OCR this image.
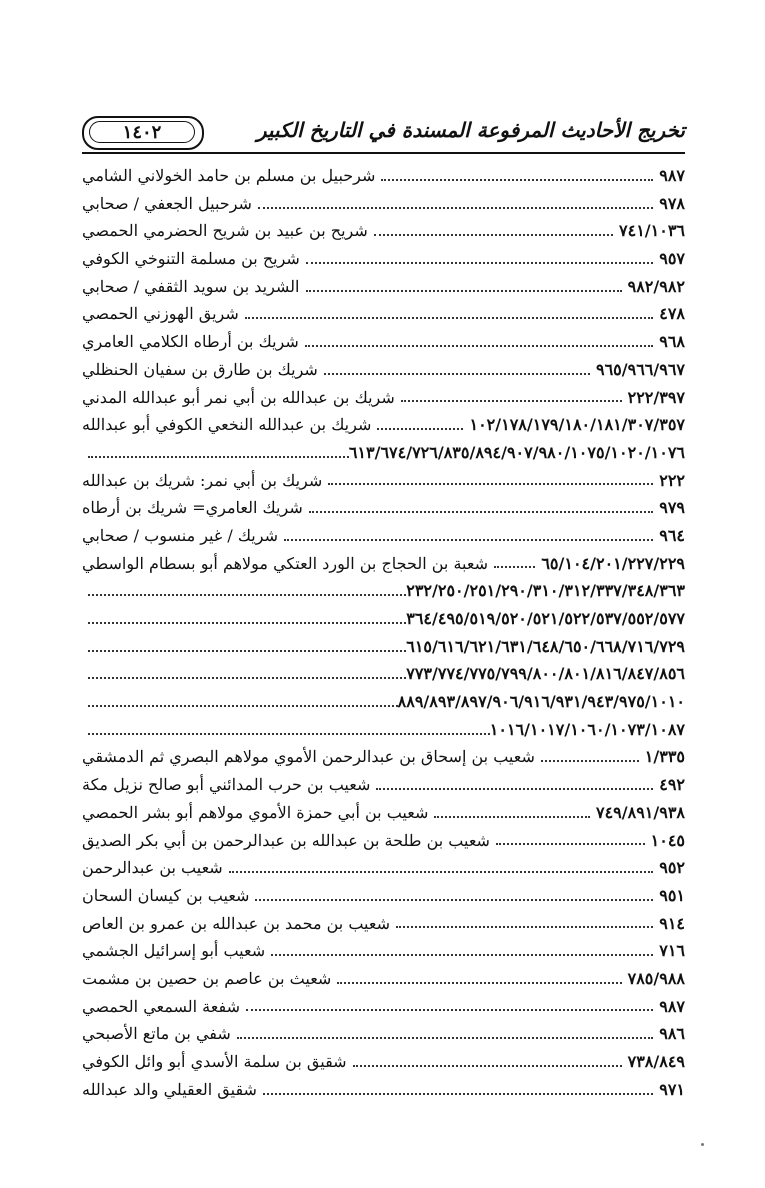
١٤٠٢	تخريج الأحاديث المرفوعة المسندة في التاريخ الكبير
شرحبيل بن مسلم بن حامد الخولاني الشامي	٩٨٧
شرحبيل الجعفي / صحابي	٩٧٨
شريح بن عبيد بن شريح الحضرمي الحمصي	٧٤١/١٠٣٦
شريح بن مسلمة التنوخي الكوفي	٩٥٧
الشريد بن سويد الثقفي / صحابي	٩٨٢/٩٨٢
شريق الهوزني الحمصي	٤٧٨
شريك بن أرطاه الكلامي العامري	٩٦٨
شريك بن طارق بن سفيان الحنظلي	٩٦٥/٩٦٦/٩٦٧
شريك بن عبدالله بن أبي نمر أبو عبدالله المدني	٢٢٢/٣٩٧
شريك بن عبدالله النخعي الكوفي أبو عبدالله	١٠٢/١٧٨/١٧٩/١٨٠/١٨١/٣٠٧/٣٥٧
٦١٣/٦٧٤/٧٢٦/٨٣٥/٨٩٤/٩٠٧/٩٨٠/١٠٧٥/١٠٢٠/١٠٧٦
شريك بن أبي نمر: شريك بن عبدالله	٢٢٢
شريك العامري= شريك بن أرطاه	٩٧٩
شريك / غير منسوب / صحابي	٩٦٤
شعبة بن الحجاج بن الورد العتكي مولاهم أبو بسطام الواسطي	٦٥/١٠٤/٢٠١/٢٢٧/٢٢٩
٢٣٢/٢٥٠/٢٥١/٢٩٠/٣١٠/٣١٢/٣٣٧/٣٤٨/٣٦٣
٣٦٤/٤٩٥/٥١٩/٥٢٠/٥٢١/٥٢٢/٥٣٧/٥٥٢/٥٧٧
٦١٥/٦١٦/٦٢١/٦٣١/٦٤٨/٦٥٠/٦٦٨/٧١٦/٧٢٩
٧٧٣/٧٧٤/٧٧٥/٧٩٩/٨٠٠/٨٠١/٨١٦/٨٤٧/٨٥٦
٨٨٩/٨٩٣/٨٩٧/٩٠٦/٩١٦/٩٣١/٩٤٣/٩٧٥/١٠١٠
١٠١٦/١٠١٧/١٠٦٠/١٠٧٣/١٠٨٧
شعيب بن إسحاق بن عبدالرحمن الأموي مولاهم البصري ثم الدمشقي	١/٣٣٥
شعيب بن حرب المدائني أبو صالح نزيل مكة	٤٩٢
شعيب بن أبي حمزة الأموي مولاهم أبو بشر الحمصي	٧٤٩/٨٩١/٩٣٨
شعيب بن طلحة بن عبدالله بن عبدالرحمن بن أبي بكر الصديق	١٠٤٥
شعيب بن عبدالرحمن	٩٥٢
شعيب بن كيسان السحان	٩٥١
شعيب بن محمد بن عبدالله بن عمرو بن العاص	٩١٤
شعيب أبو إسرائيل الجشمي	٧١٦
شعيث بن عاصم بن حصين بن مشمت	٧٨٥/٩٨٨
شفعة السمعي الحمصي	٩٨٧
شفي بن ماتع الأصبحي	٩٨٦
شقيق بن سلمة الأسدي أبو وائل الكوفي	٧٣٨/٨٤٩
شقيق العقيلي والد عبدالله	٩٧١
